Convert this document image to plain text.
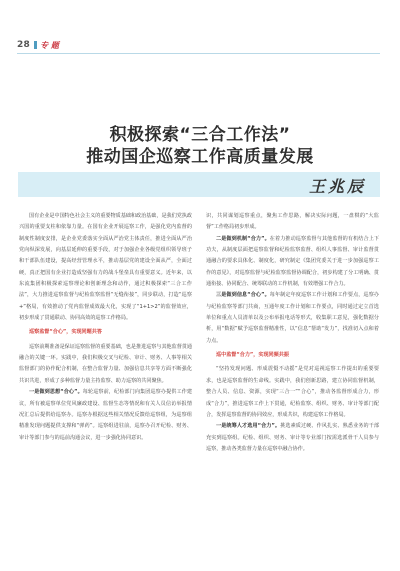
28 专 题
积极探索“三合工作法”
推动国企巡察工作高质量发展
王兆辰

国有企业是中国特色社会主义的重要物质基础和政治基础，是我们党执政兴国的重要支柱和依靠力量。在国有企业开展巡察工作，是强化党内监督的制度性制度安排，是企业党委落实全面从严治党主体责任，推进全面从严治党向纵深发展，向基层延伸的重要手段，对于加强企业各级党组织领导班子和干部队伍建设，提高经营管理水平，推动基层党的建设全面从严，全面过硬，真正把国有企业打造成坚强有力的战斗堡垒具有重要意义。近年来，以东流集团积极探索巡察理论和创新理念和动作，通过积极探索“三合工作法”，大力推进巡察监督与纪检监察监督“无缝衔接”，同步联动，打造“巡察+”格局，有效推动了党内监督成效最大化，实现了“1+1>2”的监督效应，初步形成了贯通联动、协同高效的巡察工作格局。

巡察监督“合心”，实现同题共答

巡察前期准备是保证巡察监督的重要基础，也是推进巡察与其他监督贯通融合的关键一环。实践中，我们积极交叉与纪检、审计、财务、人事等相关监督部门的协作配合机制，在整合监督力量、加强信息共享等方面不断强化共识共进，形成了多种监督力量主持监察、助力巡察的共同聚焦。

一是做到思想“合心”。每轮巡察前，纪检部门向集团巡察办提供工作建议，所有被巡察单位党风廉政建设、监督生态等情况和有关人员信访举报情况汇总后提供给巡察办。巡察办根据这些相关情况反馈给巡察组，为巡察组精准发现问题提供支撑和“弹药”。巡察组进驻前，巡察办召开纪检、财务、审计等部门参与的巡前沟通会议，进一步强化协同意识。

识，共同谋划巡察重点，聚焦工作思路，解决实际问题，一盘棋的“大监督”工作格局初步形成。

二是做到机制“合力”。在着力推动巡察监督与其他监督的有机结合上下功夫，从制度层面把巡察监督和纪检监察监督、组织人事监督、审计监督贯通融合的要求具体化、制度化，研究制定《集团党委关于进一步加强巡察工作的意见》，对巡察监督与纪检监察监督协调配合，初步构建了分工明确、贯通衔接、协同配合、统筹联动的工作机制，有效增强工作合力。

三是做到信息“合心”。每年制定年度巡察工作计划和工作要点，巡察办与纪检监察等部门共商，互通年度工作计划和工作要点，同时通过定立首选单位和重点人员清单以及公布举报电话等形式，收集职工意见，强化数据分析，用“数据”赋予巡察监督精准性，以“信息”帮助“发力”，找准切入点和着力点。

巡中监督“合力”，实现同频共振

“坚持发现问题、形成震慑不动摇”是党对巡视巡察工作提出的重要要求，也是巡察监督的生命线。实践中，我们创新思路，建立协同监督机制，整合人员、信息、资源，实现“三合一”“合心”，推动各监督形成合力，形成“合力”，推进巡察工作上下贯通，纪检监察、组织、财务、审计等部门配合，发挥巡察监督的协同效应，形成共识，构建巡察工作格局。

一是统筹人才选用“合力”。挑选素质过硬、作风扎实、熟悉业务的干部充实到巡察组。纪检、组织、财务、审计等专业部门按需选派骨干人员参与巡察，推动各类监督力量在巡察中融合协作。
